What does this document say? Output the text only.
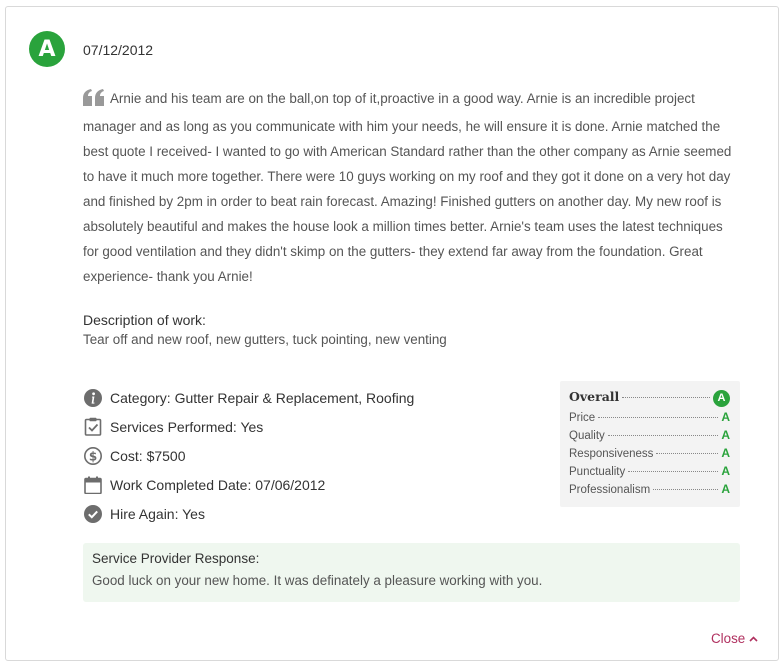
A	07/12/2012
Arnie and his team are on the ball,on top of it,proactive in a good way. Arnie is an incredible project manager and as long as you communicate with him your needs, he will ensure it is done. Arnie matched the best quote I received- I wanted to go with American Standard rather than the other company as Arnie seemed to have it much more together. There were 10 guys working on my roof and they got it done on a very hot day and finished by 2pm in order to beat rain forecast. Amazing! Finished gutters on another day. My new roof is absolutely beautiful and makes the house look a million times better. Arnie's team uses the latest techniques for good ventilation and they didn't skimp on the gutters- they extend far away from the foundation. Great experience- thank you Arnie!
Description of work:
Tear off and new roof, new gutters, tuck pointing, new venting
Category: Gutter Repair & Replacement, Roofing
Services Performed: Yes
$ Cost: $7500
Work Completed Date: 07/06/2012
Hire Again: Yes
Overall	A
Price	A
Quality	A
Responsiveness	A
Punctuality	A
Professionalism	A
Service Provider Response:
Good luck on your new home. It was definately a pleasure working with you.
Close
